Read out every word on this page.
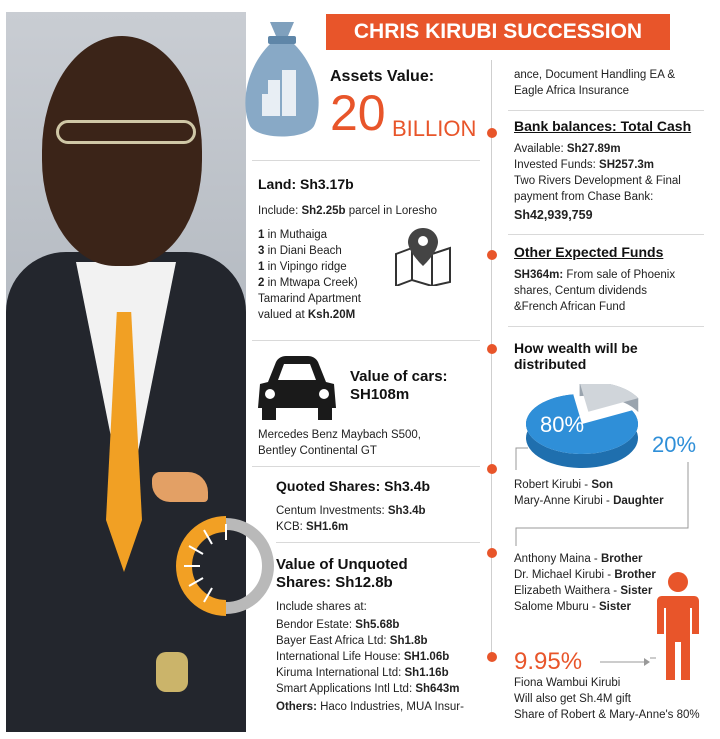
CHRIS KIRUBI SUCCESSION
Assets Value:
20 BILLION
Land: Sh3.17b
Include: Sh2.25b parcel in Loresho
1 in Muthaiga
3 in Diani Beach
1 in Vipingo ridge
2 in Mtwapa Creek)
Tamarind Apartment
valued at Ksh.20M
Value of cars:
SH108m
Mercedes Benz Maybach S500,
Bentley Continental GT
Quoted Shares: Sh3.4b
Centum Investments: Sh3.4b
KCB: SH1.6m
Value of Unquoted
Shares: Sh12.8b
Include shares at:
Bendor Estate: Sh5.68b
Bayer East Africa Ltd: Sh1.8b
International Life House: SH1.06b
Kiruma International Ltd: Sh1.16b
Smart Applications Intl Ltd: Sh643m
Others: Haco Industries, MUA Insur-
ance, Document Handling EA &
Eagle Africa Insurance
Bank balances: Total Cash
Available: Sh27.89m
Invested Funds: SH257.3m
Two Rivers Development & Final
payment from Chase Bank:
Sh42,939,759
Other Expected Funds
SH364m: From sale of Phoenix
shares, Centum dividends
&French African Fund
How wealth will be
distributed
80%
20%
Robert Kirubi - Son
Mary-Anne Kirubi - Daughter
Anthony Maina - Brother
Dr. Michael Kirubi - Brother
Elizabeth Waithera - Sister
Salome Mburu - Sister
9.95%
Fiona Wambui Kirubi
Will also get Sh.4M gift
Share of Robert & Mary-Anne's 80%
